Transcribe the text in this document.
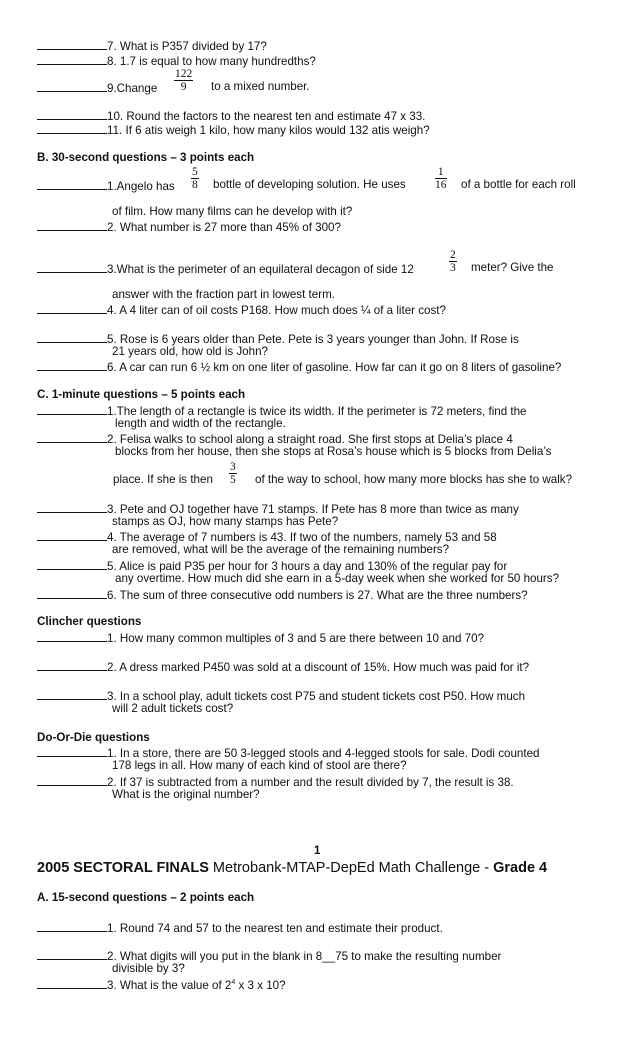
7. What is P357 divided by 17?
8. 1.7 is equal to how many hundredths?
$\frac{122}{9}$
9.Change	to a mixed number.
10. Round the factors to the nearest ten and estimate 47 x 33.
11. If 6 atis weigh 1 kilo, how many kilos would 132 atis weigh?
B. 30-second questions – 3 points each
$\frac{5}{8}$	$\frac{1}{16}$
1.Angelo has	bottle of developing solution. He uses	of a bottle for each roll
of film. How many films can he develop with it?
2. What number is 27 more than 45% of 300?
$\frac{2}{3}$
3.What is the perimeter of an equilateral decagon of side 12	meter? Give the
answer with the fraction part in lowest term.
4. A 4 liter can of oil costs P168. How much does ¼ of a liter cost?
5. Rose is 6 years older than Pete. Pete is 3 years younger than John. If Rose is
21 years old, how old is John?
6. A car can run 6 ½ km on one liter of gasoline. How far can it go on 8 liters of gasoline?
C. 1-minute questions – 5 points each
1.The length of a rectangle is twice its width. If the perimeter is 72 meters, find the
length and width of the rectangle.
2. Felisa walks to school along a straight road. She first stops at Delia’s place 4
blocks from her house, then she stops at Rosa’s house which is 5 blocks from Delia’s
$\frac{3}{5}$
place. If she is then	of the way to school, how many more blocks has she to walk?
3. Pete and OJ together have 71 stamps. If Pete has 8 more than twice as many
stamps as OJ, how many stamps has Pete?
4. The average of 7 numbers is 43. If two of the numbers, namely 53 and 58
are removed, what will be the average of the remaining numbers?
5. Alice is paid P35 per hour for 3 hours a day and 130% of the regular pay for
any overtime. How much did she earn in a 5-day week when she worked for 50 hours?
6. The sum of three consecutive odd numbers is 27. What are the three numbers?
Clincher questions
1. How many common multiples of 3 and 5 are there between 10 and 70?
2. A dress marked P450 was sold at a discount of 15%. How much was paid for it?
3. In a school play, adult tickets cost P75 and student tickets cost P50. How much
will 2 adult tickets cost?
Do-Or-Die questions
1. In a store, there are 50 3-legged stools and 4-legged stools for sale. Dodi counted
178 legs in all. How many of each kind of stool are there?
2. If 37 is subtracted from a number and the result divided by 7, the result is 38.
What is the original number?
1
2005 SECTORAL FINALS Metrobank-MTAP-DepEd Math Challenge - Grade 4
A. 15-second questions – 2 points each
1. Round 74 and 57 to the nearest ten and estimate their product.
2. What digits will you put in the blank in 8__75 to make the resulting number
divisible by 3?
3. What is the value of $2^4$ x 3 x 10?
